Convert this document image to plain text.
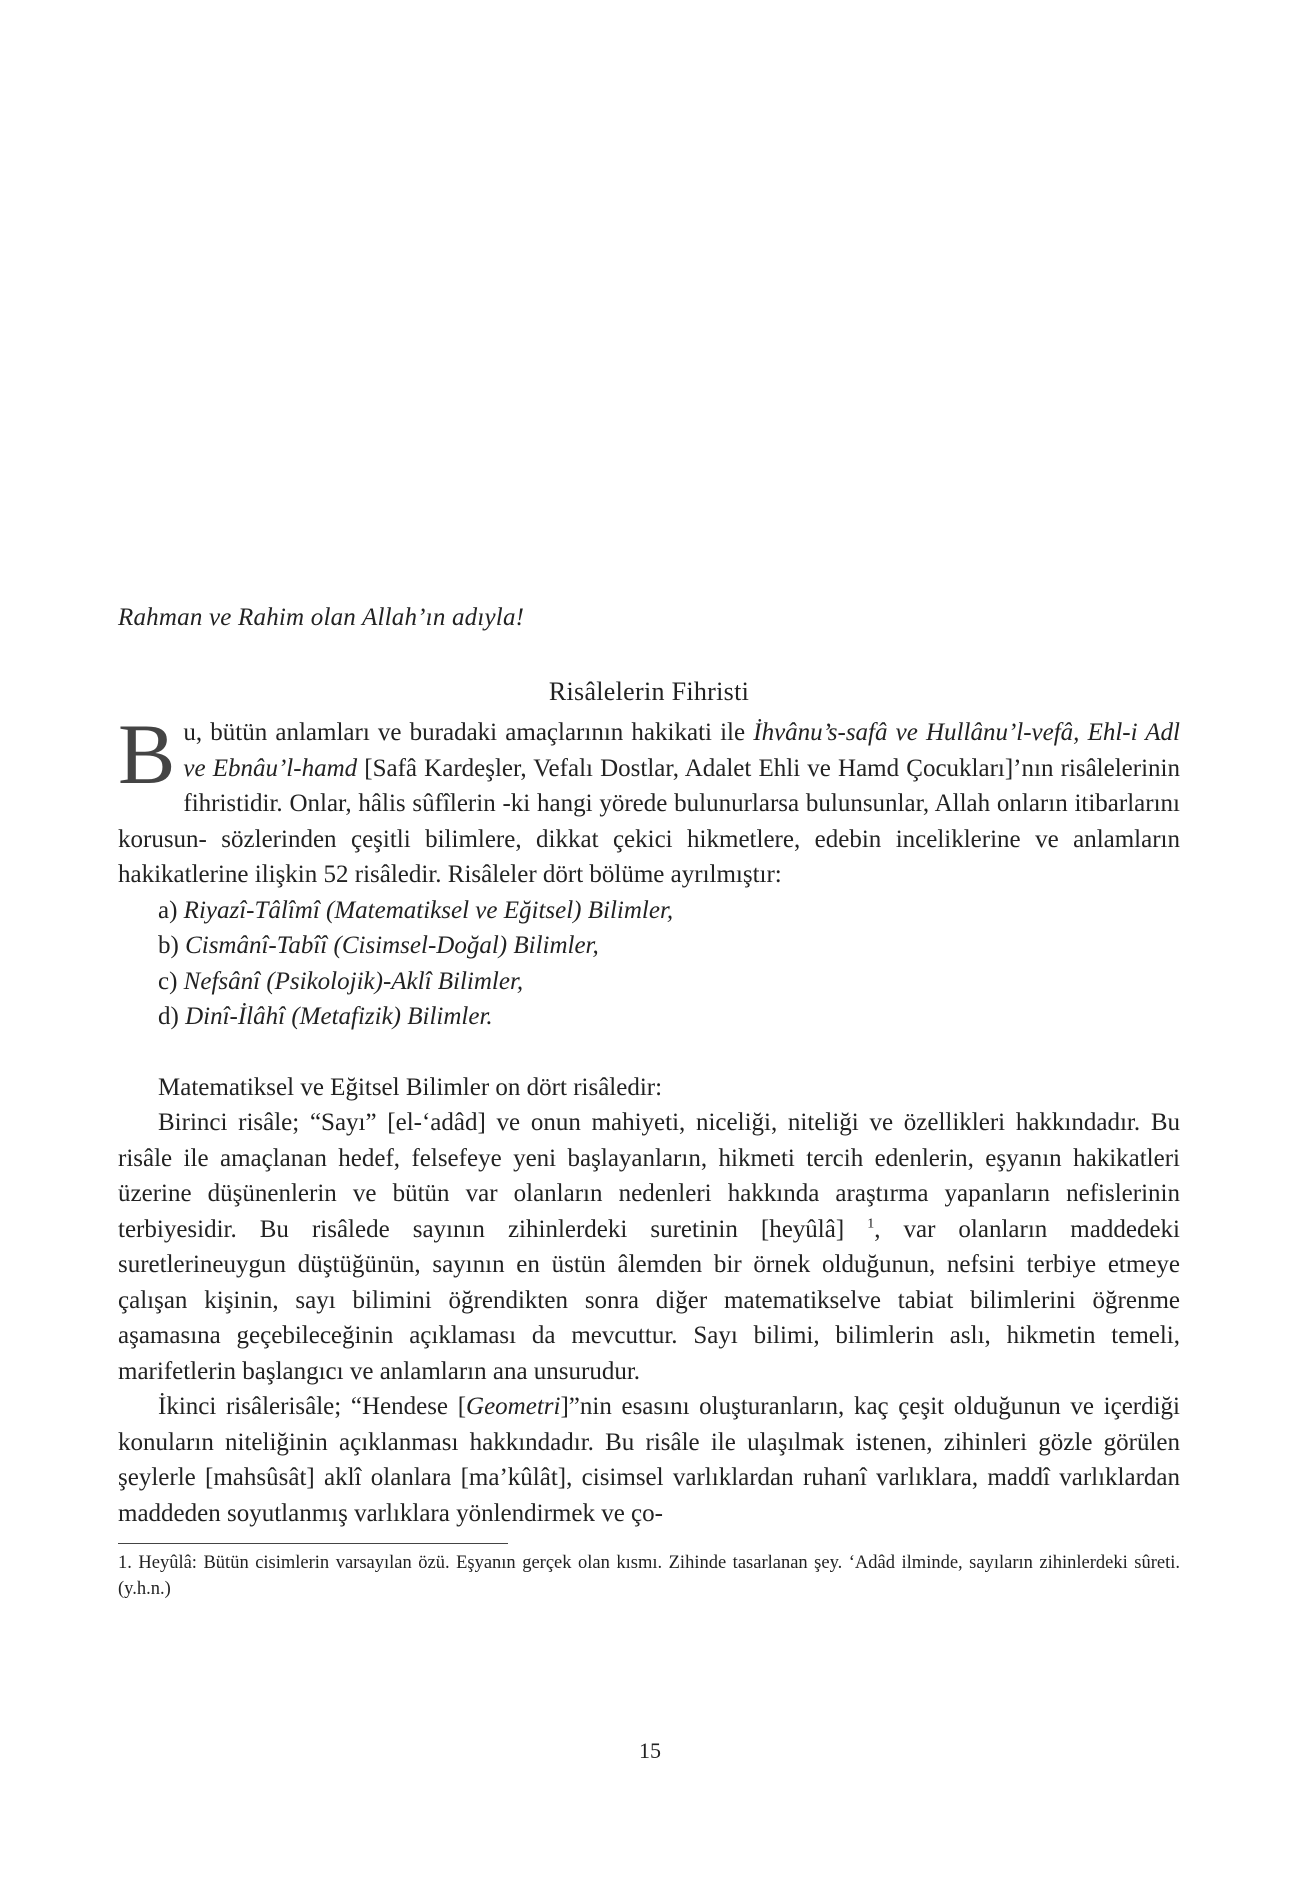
Rahman ve Rahim olan Allah’ın adıyla!

Risâlelerin Fihristi

Bu, bütün anlamları ve buradaki amaçlarının hakikati ile İhvânu’s-safâ ve Hullânu’l-vefâ, Ehl-i Adl ve Ebnâu’l-hamd [Safâ Kardeşler, Vefalı Dostlar, Adalet Ehli ve Hamd Çocukları]’nın risâlelerinin fihristidir. Onlar, hâlis sûfîlerin -ki hangi yörede bulunurlarsa bulunsunlar, Allah onların itibarlarını korusun- sözlerinden çeşitli bilimlere, dikkat çekici hikmetlere, edebin inceliklerine ve anlamların hakikatlerine ilişkin 52 risâledir. Risâleler dört bölüme ayrılmıştır:

a) Riyazî-Tâlîmî (Matematiksel ve Eğitsel) Bilimler,
b) Cismânî-Tabîî (Cisimsel-Doğal) Bilimler,
c) Nefsânî (Psikolojik)-Aklî Bilimler,
d) Dinî-İlâhî (Metafizik) Bilimler.

Matematiksel ve Eğitsel Bilimler on dört risâledir:

Birinci risâle; “Sayı” [el-‘adâd] ve onun mahiyeti, niceliği, niteliği ve özellikleri hakkındadır. Bu risâle ile amaçlanan hedef, felsefeye yeni başlayanların, hikmeti tercih edenlerin, eşyanın hakikatleri üzerine düşünenlerin ve bütün var olanların nedenleri hakkında araştırma yapanların nefislerinin terbiyesidir. Bu risâlede sayının zihinlerdeki suretinin [heyûlâ] $^1$, var olanların maddedeki suretlerineuygun düştüğünün, sayının en üstün âlemden bir örnek olduğunun, nefsini terbiye etmeye çalışan kişinin, sayı bilimini öğrendikten sonra diğer matematikselve tabiat bilimlerini öğrenme aşamasına geçebileceğinin açıklaması da mevcuttur. Sayı bilimi, bilimlerin aslı, hikmetin temeli, marifetlerin başlangıcı ve anlamların ana unsurudur.

İkinci risâlerisâle; “Hendese [Geometri]”nin esasını oluşturanların, kaç çeşit olduğunun ve içerdiği konuların niteliğinin açıklanması hakkındadır. Bu risâle ile ulaşılmak istenen, zihinleri gözle görülen şeylerle [mahsûsât] aklî olanlara [ma’kûlât], cisimsel varlıklardan ruhanî varlıklara, maddî varlıklardan maddeden soyutlanmış varlıklara yönlendirmek ve ço-

1. Heyûlâ: Bütün cisimlerin varsayılan özü. Eşyanın gerçek olan kısmı. Zihinde tasarlanan şey. ‘Adâd ilminde, sayıların zihinlerdeki sûreti. (y.h.n.)

15
